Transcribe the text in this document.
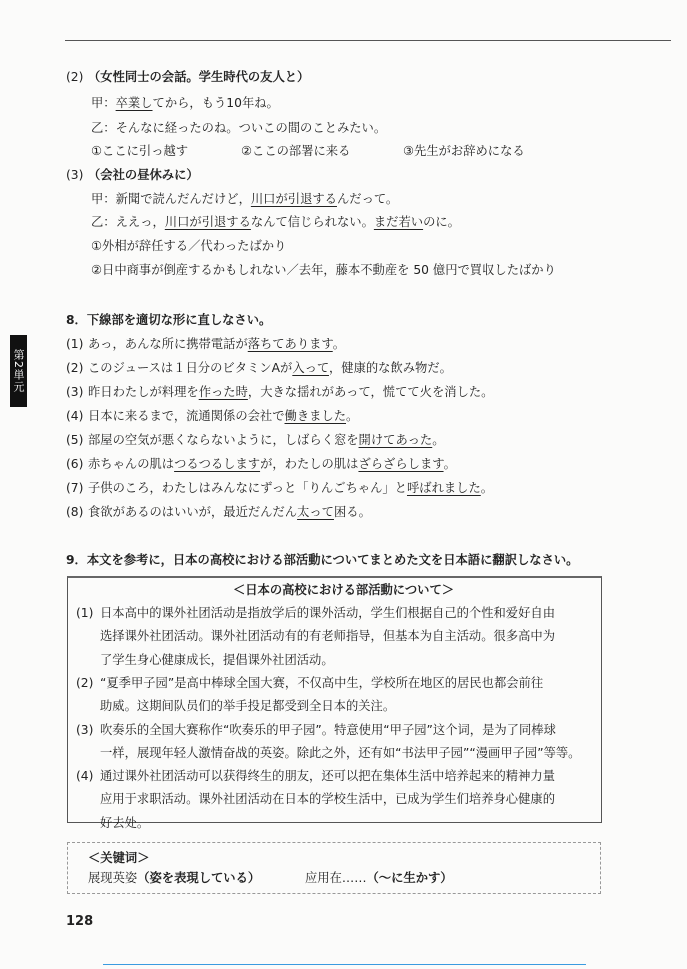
第2単元
(2) （女性同士の会話。学生時代の友人と）
甲：卒業してから，もう10年ね。
乙：そんなに経ったのね。ついこの間のことみたい。
①ここに引っ越す	②ここの部署に来る	③先生がお辞めになる
(3) （会社の昼休みに）
甲：新聞で読んだんだけど，川口が引退するんだって。
乙：ええっ，川口が引退するなんて信じられない。まだ若いのに。
①外相が辞任する／代わったばかり
②日中商事が倒産するかもしれない／去年，藤本不動産を 50 億円で買収したばかり
8．下線部を適切な形に直しなさい。
(1) あっ，あんな所に携帯電話が落ちてあります。
(2) このジュースは１日分のビタミンAが入って，健康的な飲み物だ。
(3) 昨日わたしが料理を作った時，大きな揺れがあって，慌てて火を消した。
(4) 日本に来るまで，流通関係の会社で働きました。
(5) 部屋の空気が悪くならないように，しばらく窓を開けてあった。
(6) 赤ちゃんの肌はつるつるしますが，わたしの肌はざらざらします。
(7) 子供のころ，わたしはみんなにずっと「りんごちゃん」と呼ばれました。
(8) 食欲があるのはいいが，最近だんだん太って困る。
9．本文を参考に，日本の高校における部活動についてまとめた文を日本語に翻訳しなさい。
＜日本の高校における部活動について＞
(1) 日本高中的课外社团活动是指放学后的课外活动，学生们根据自己的个性和爱好自由
选择课外社团活动。课外社团活动有的有老师指导，但基本为自主活动。很多高中为
了学生身心健康成长，提倡课外社团活动。
(2) “夏季甲子园”是高中棒球全国大赛，不仅高中生，学校所在地区的居民也都会前往
助威。这期间队员们的举手投足都受到全日本的关注。
(3) 吹奏乐的全国大赛称作“吹奏乐的甲子园”。特意使用“甲子园”这个词，是为了同棒球
一样，展现年轻人激情奋战的英姿。除此之外，还有如“书法甲子园”“漫画甲子园”等等。
(4) 通过课外社团活动可以获得终生的朋友，还可以把在集体生活中培养起来的精神力量
应用于求职活动。课外社团活动在日本的学校生活中，已成为学生们培养身心健康的
好去处。
＜关键词＞
展现英姿（姿を表現している）	应用在……（～に生かす）
128
